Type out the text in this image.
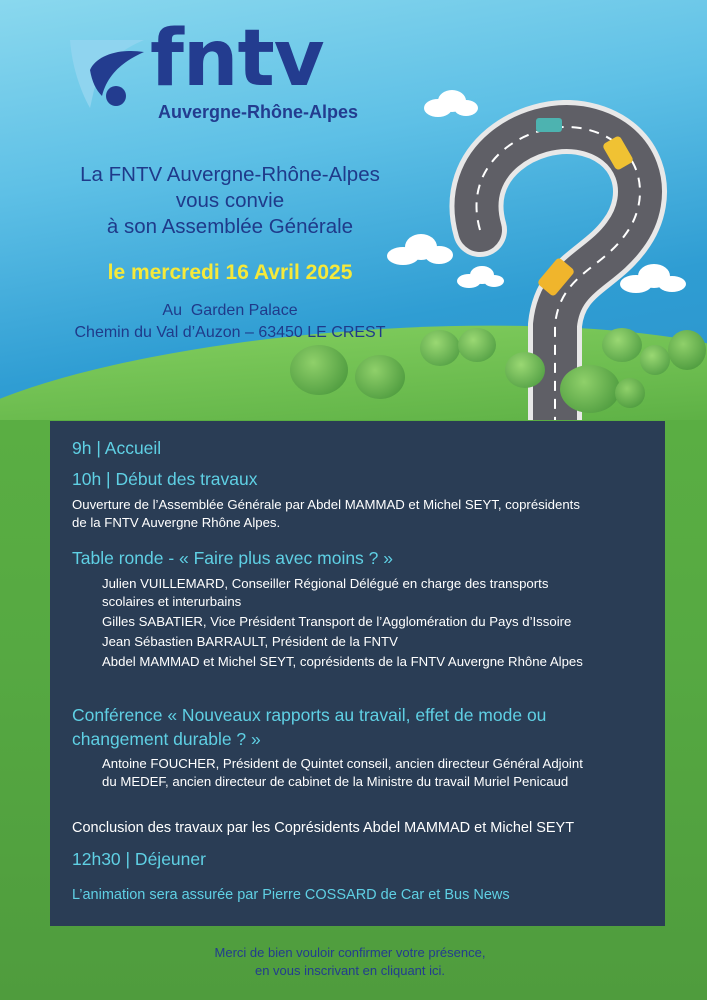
fntv
Auvergne-Rhône-Alpes
La FNTV Auvergne-Rhône-Alpes
vous convie
à son Assemblée Générale
le mercredi 16 Avril 2025
Au  Garden Palace
Chemin du Val d’Auzon – 63450 LE CREST
9h | Accueil
10h | Début des travaux
Ouverture de l’Assemblée Générale par Abdel MAMMAD et Michel SEYT, coprésidents
de la FNTV Auvergne Rhône Alpes.
Table ronde - « Faire plus avec moins ? »
Julien VUILLEMARD, Conseiller Régional Délégué en charge des transports
scolaires et interurbains
Gilles SABATIER, Vice Président Transport de l’Agglomération du Pays d’Issoire
Jean Sébastien BARRAULT, Président de la FNTV
Abdel MAMMAD et Michel SEYT, coprésidents de la FNTV Auvergne Rhône Alpes
Conférence « Nouveaux rapports au travail, effet de mode ou
changement durable ? »
Antoine FOUCHER, Président de Quintet conseil, ancien directeur Général Adjoint
du MEDEF, ancien directeur de cabinet de la Ministre du travail Muriel Penicaud
Conclusion des travaux par les Coprésidents Abdel MAMMAD et Michel SEYT
12h30 | Déjeuner
L’animation sera assurée par Pierre COSSARD de Car et Bus News
Merci de bien vouloir confirmer votre présence,
en vous inscrivant en cliquant ici.
